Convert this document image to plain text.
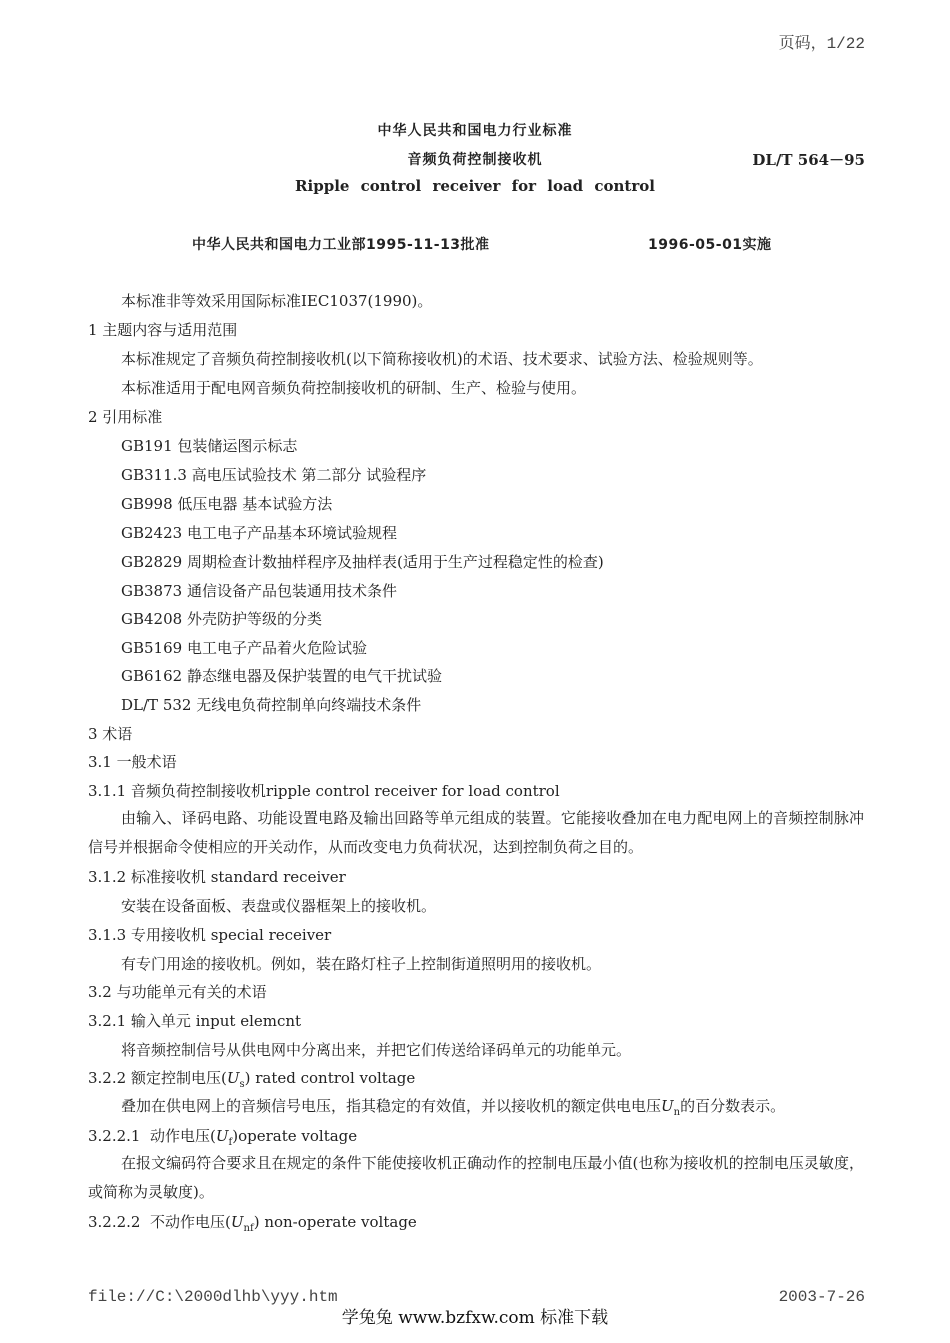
页码，1/22
中华人民共和国电力行业标准
音频负荷控制接收机	DL/T 564－95
Ripple control receiver for load control
中华人民共和国电力工业部1995-11-13批准	1996-05-01实施
本标准非等效采用国际标准IEC1037(1990)。
1 主题内容与适用范围
本标准规定了音频负荷控制接收机(以下简称接收机)的术语、技术要求、试验方法、检验规则等。
本标准适用于配电网音频负荷控制接收机的研制、生产、检验与使用。
2 引用标准
GB191 包装储运图示标志
GB311.3 高电压试验技术 第二部分 试验程序
GB998 低压电器 基本试验方法
GB2423 电工电子产品基本环境试验规程
GB2829 周期检查计数抽样程序及抽样表(适用于生产过程稳定性的检查)
GB3873 通信设备产品包装通用技术条件
GB4208 外壳防护等级的分类
GB5169 电工电子产品着火危险试验
GB6162 静态继电器及保护装置的电气干扰试验
DL/T 532 无线电负荷控制单向终端技术条件
3 术语
3.1 一般术语
3.1.1 音频负荷控制接收机ripple control receiver for load control
由输入、译码电路、功能设置电路及输出回路等单元组成的装置。它能接收叠加在电力配电网上的音频控制脉冲信号并根据命令使相应的开关动作，从而改变电力负荷状况，达到控制负荷之目的。
3.1.2 标准接收机 standard receiver
安装在设备面板、表盘或仪器框架上的接收机。
3.1.3 专用接收机 special receiver
有专门用途的接收机。例如，装在路灯柱子上控制街道照明用的接收机。
3.2 与功能单元有关的术语
3.2.1 输入单元 input elemcnt
将音频控制信号从供电网中分离出来，并把它们传送给译码单元的功能单元。
3.2.2 额定控制电压$(U_s)$ rated control voltage
叠加在供电网上的音频信号电压，指其稳定的有效值，并以接收机的额定供电电压$U_n$的百分数表示。
3.2.2.1 动作电压$(U_f)operate$ voltage
在报文编码符合要求且在规定的条件下能使接收机正确动作的控制电压最小值(也称为接收机的控制电压灵敏度，或简称为灵敏度)。
3.2.2.2 不动作电压$(U_{nf})$ non-operate voltage
file://C:\2000dlhb\yyy.htm	2003-7-26
学兔兔 www.bzfxw.com 标准下载
